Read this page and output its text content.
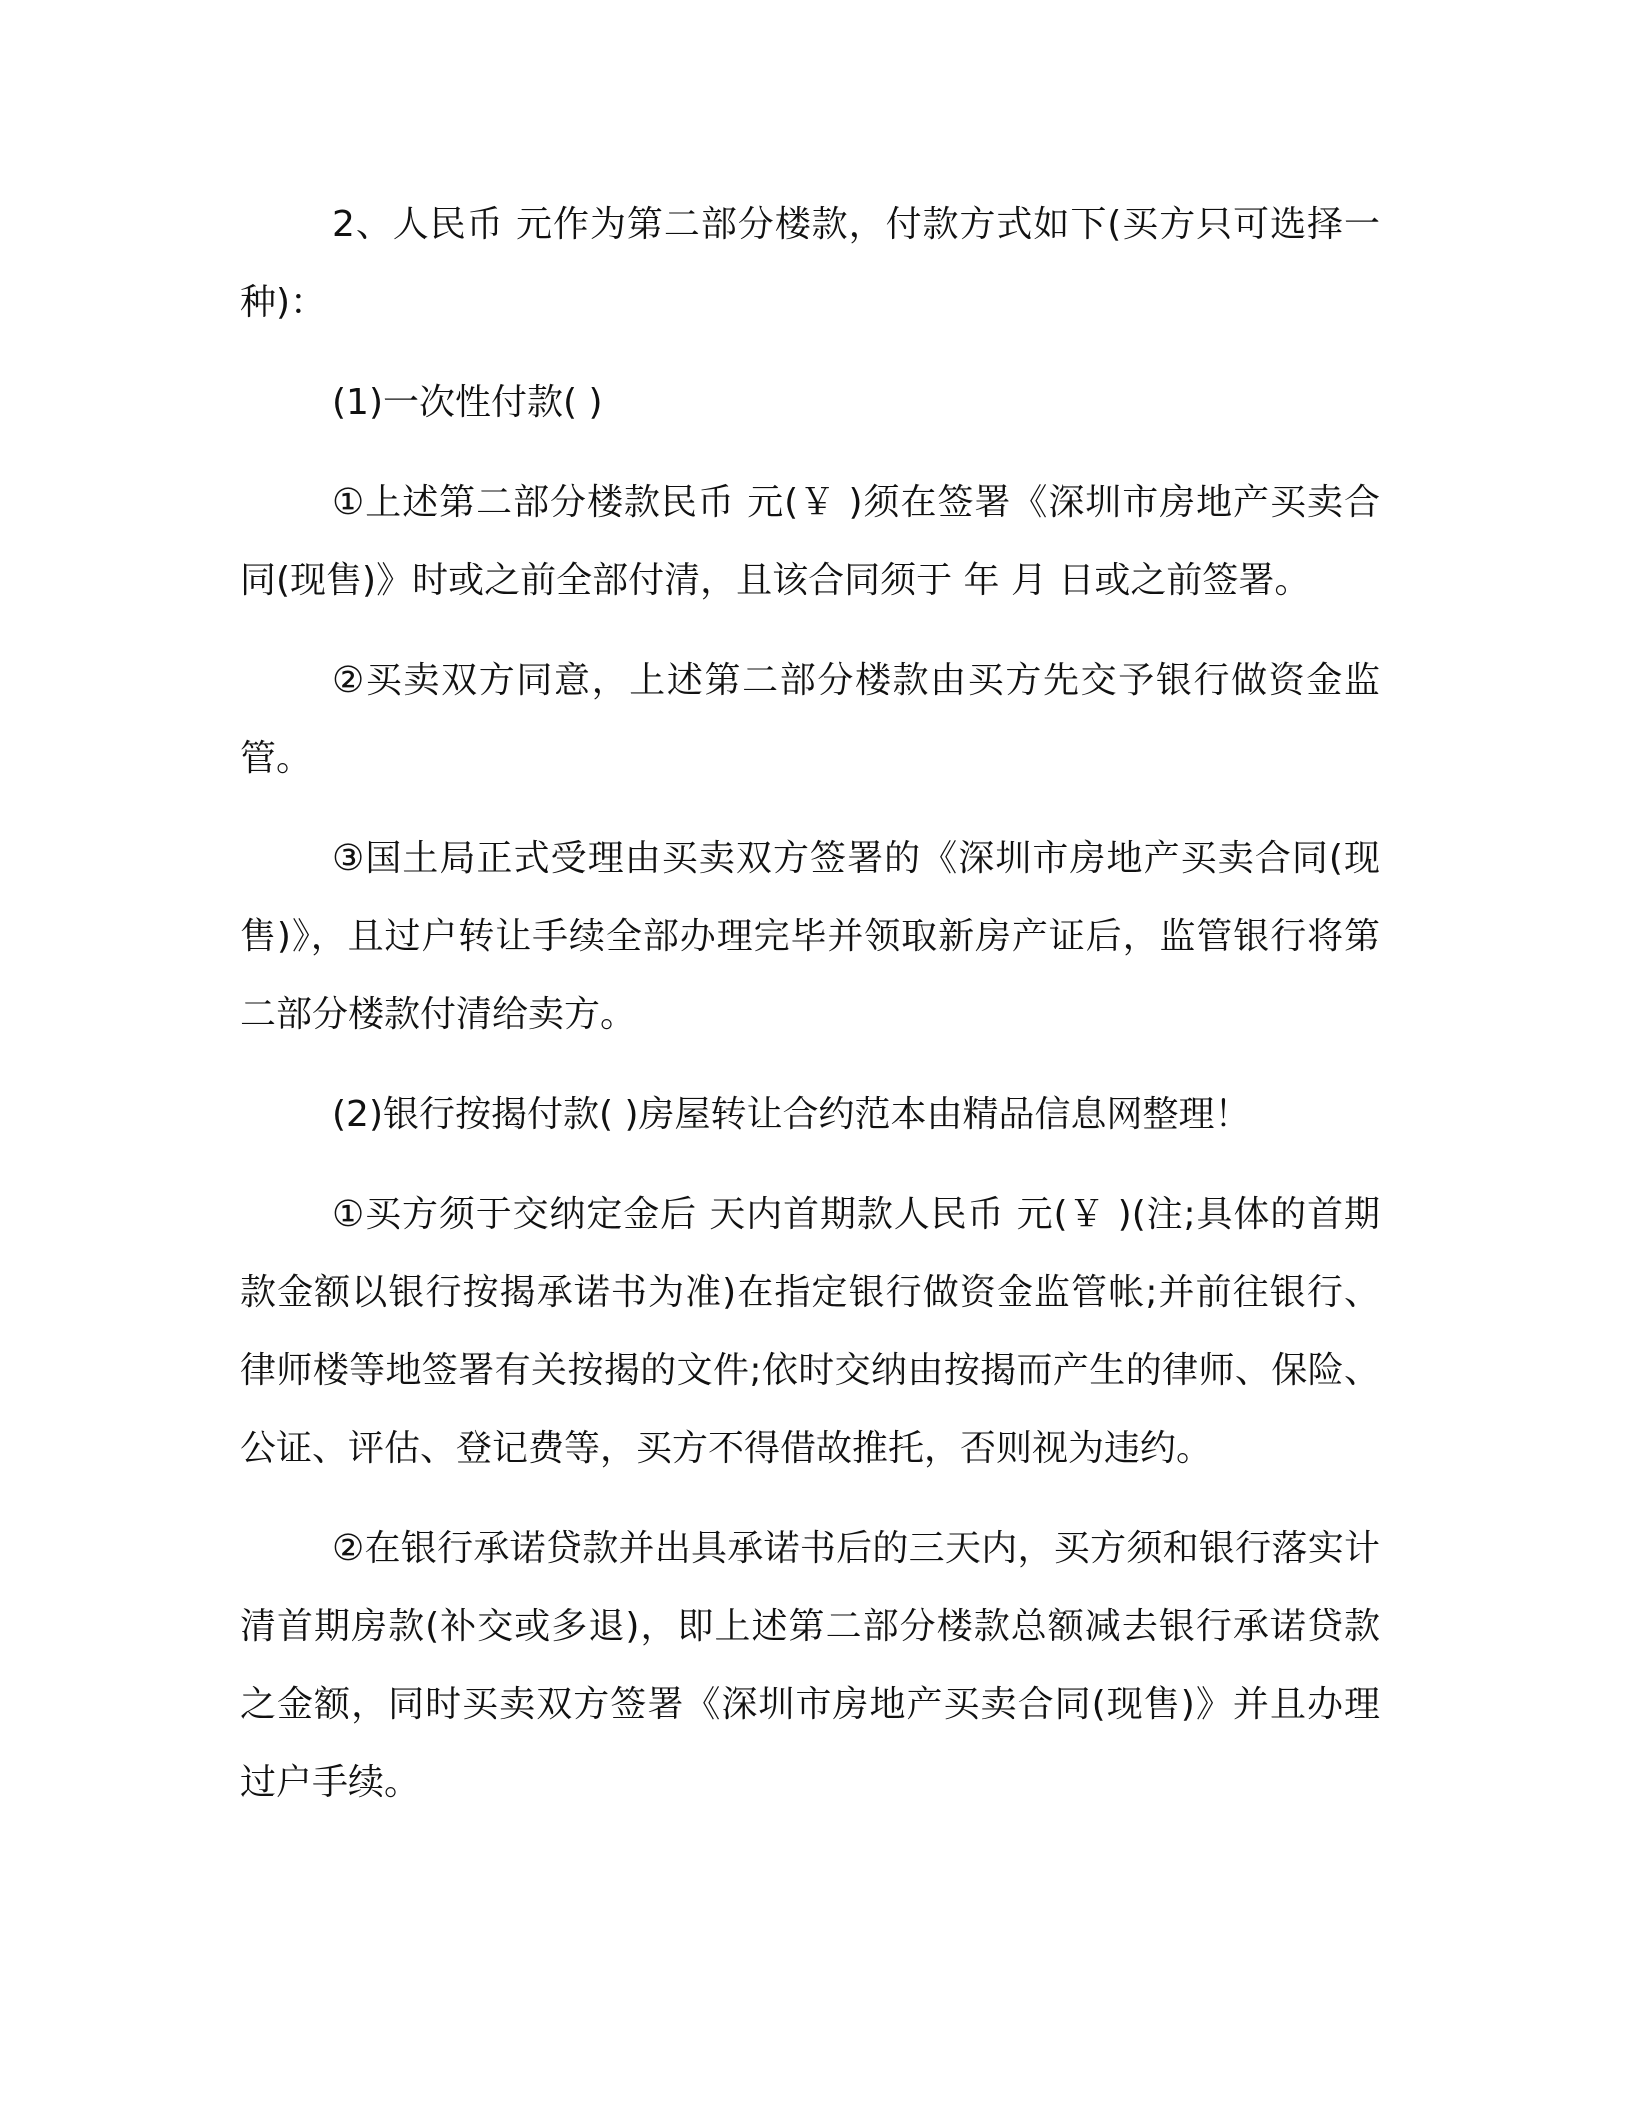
2、人民币 元作为第二部分楼款，付款方式如下(买方只可选择一种)：

(1)一次性付款( )

①上述第二部分楼款民币 元(￥ )须在签署《深圳市房地产买卖合同(现售)》时或之前全部付清，且该合同须于 年 月 日或之前签署。

②买卖双方同意，上述第二部分楼款由买方先交予银行做资金监管。

③国土局正式受理由买卖双方签署的《深圳市房地产买卖合同(现售)》，且过户转让手续全部办理完毕并领取新房产证后，监管银行将第二部分楼款付清给卖方。

(2)银行按揭付款( )房屋转让合约范本由精品信息网整理！

①买方须于交纳定金后 天内首期款人民币 元(￥ )(注;具体的首期款金额以银行按揭承诺书为准)在指定银行做资金监管帐;并前往银行、律师楼等地签署有关按揭的文件;依时交纳由按揭而产生的律师、保险、公证、评估、登记费等，买方不得借故推托，否则视为违约。

②在银行承诺贷款并出具承诺书后的三天内，买方须和银行落实计清首期房款(补交或多退)，即上述第二部分楼款总额减去银行承诺贷款之金额，同时买卖双方签署《深圳市房地产买卖合同(现售)》并且办理过户手续。
